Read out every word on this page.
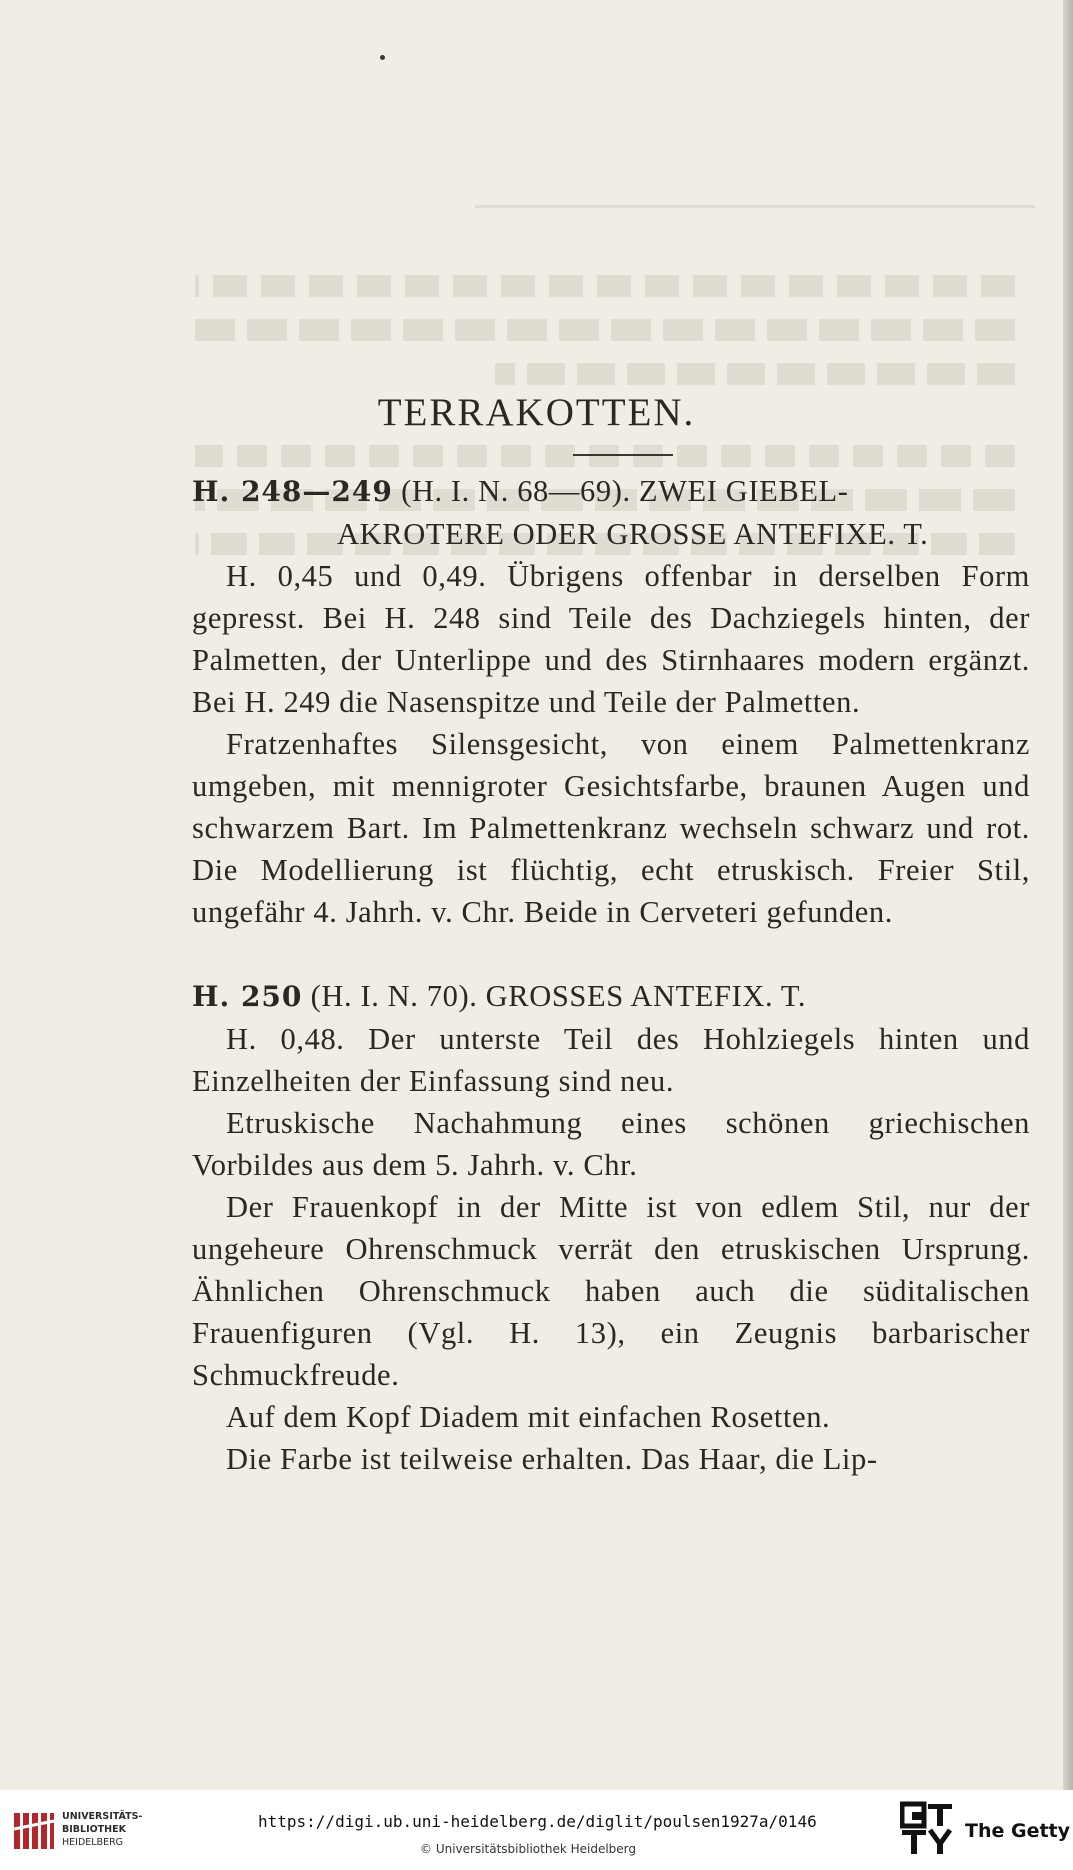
TERRAKOTTEN.

H. 248—249 (H. I. N. 68—69). ZWEI GIEBEL-

AKROTERE ODER GROSSE ANTEFIXE. T.

H. 0,45 und 0,49. Übrigens offenbar in derselben Form gepresst. Bei H. 248 sind Teile des Dachziegels hinten, der Palmetten, der Unterlippe und des Stirnhaares modern ergänzt. Bei H. 249 die Nasenspitze und Teile der Palmetten.

Fratzenhaftes Silensgesicht, von einem Palmettenkranz umgeben, mit mennigroter Gesichtsfarbe, braunen Augen und schwarzem Bart. Im Palmettenkranz wechseln schwarz und rot. Die Modellierung ist flüchtig, echt etruskisch. Freier Stil, ungefähr 4. Jahrh. v. Chr. Beide in Cerveteri gefunden.

H. 250 (H. I. N. 70). GROSSES ANTEFIX. T.

H. 0,48. Der unterste Teil des Hohlziegels hinten und Einzelheiten der Einfassung sind neu.

Etruskische Nachahmung eines schönen griechischen Vorbildes aus dem 5. Jahrh. v. Chr.

Der Frauenkopf in der Mitte ist von edlem Stil, nur der ungeheure Ohrenschmuck verrät den etruskischen Ursprung. Ähnlichen Ohrenschmuck haben auch die süditalischen Frauenfiguren (Vgl. H. 13), ein Zeugnis barbarischer Schmuckfreude.

Auf dem Kopf Diadem mit einfachen Rosetten.

Die Farbe ist teilweise erhalten. Das Haar, die Lip-

UNIVERSITÄTS-
BIBLIOTHEK
HEIDELBERG
https://digi.ub.uni-heidelberg.de/diglit/poulsen1927a/0146
© Universitätsbibliothek Heidelberg
The Getty
